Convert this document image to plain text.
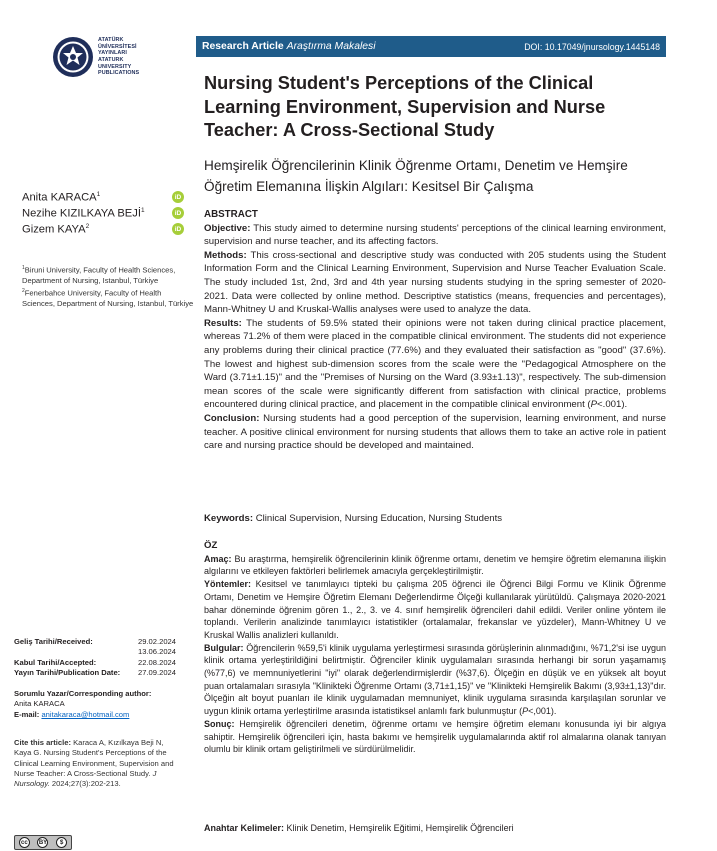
ATATÜRK
ÜNİVERSİTESİ
YAYINLARI
ATATURK
UNIVERSITY
PUBLICATIONS
Anita KARACA$^1$	iD
Nezihe KIZILKAYA BEJİ$^1$	iD
Gizem KAYA$^2$	iD
$^1$Biruni University, Faculty of Health Sciences, Department of Nursing, Istanbul, Türkiye
$^2$Fenerbahce University, Faculty of Health Sciences, Department of Nursing, Istanbul, Türkiye
Geliş Tarihi/Received:	29.02.2024
13.06.2024
Kabul Tarihi/Accepted:	22.08.2024
Yayın Tarihi/Publication Date: 27.09.2024
Sorumlu Yazar/Corresponding author:
Anita KARACA
E-mail: anitakaraca@hotmail.com
Cite this article: Karaca A, Kızılkaya Beji N, Kaya G. Nursing Student's Perceptions of the Clinical Learning Environment, Supervision and Nurse Teacher: A Cross-Sectional Study. J Nursology. 2024;27(3):202-213.
cc	BY	$
Research Article Araştırma Makalesi	DOI: 10.17049/jnursology.1445148
Nursing Student's Perceptions of the Clinical Learning Environment, Supervision and Nurse Teacher: A Cross-Sectional Study
Hemşirelik Öğrencilerinin Klinik Öğrenme Ortamı, Denetim ve Hemşire Öğretim Elemanına İlişkin Algıları: Kesitsel Bir Çalışma
ABSTRACT

Objective: This study aimed to determine nursing students' perceptions of the clinical learning environment, supervision and nurse teacher, and its affecting factors.

Methods: This cross-sectional and descriptive study was conducted with 205 students using the Student Information Form and the Clinical Learning Environment, Supervision and Nurse Teacher Evaluation Scale. The study included 1st, 2nd, 3rd and 4th year nursing students studying in the spring semester of 2020-2021. Data were collected by online method. Descriptive statistics (means, frequencies and percentages), Mann-Whitney U and Kruskal-Wallis analyses were used to analyze the data.

Results: The students of 59.5% stated their opinions were not taken during clinical practice placement, whereas 71.2% of them were placed in the compatible clinical environment. The students did not experience any problems during their clinical practice (77.6%) and they evaluated their satisfaction as "good" (37.6%). The lowest and highest sub-dimension scores from the scale were the "Pedagogical Atmosphere on the Ward (3.71±1.15)" and the "Premises of Nursing on the Ward (3.93±1.13)", respectively. The sub-dimension mean scores of the scale were significantly different from satisfaction with clinical practice, problems encountered during clinical practice, and placement in the compatible clinical environment (P<.001).

Conclusion: Nursing students had a good perception of the supervision, learning environment, and nurse teacher. A positive clinical environment for nursing students that allows them to take an active role in patient care and nursing practice should be developed and maintained.

Keywords: Clinical Supervision, Nursing Education, Nursing Students
ÖZ

Amaç: Bu araştırma, hemşirelik öğrencilerinin klinik öğrenme ortamı, denetim ve hemşire öğretim elemanına ilişkin algılarını ve etkileyen faktörleri belirlemek amacıyla gerçekleştirilmiştir.

Yöntemler: Kesitsel ve tanımlayıcı tipteki bu çalışma 205 öğrenci ile Öğrenci Bilgi Formu ve Klinik Öğrenme Ortamı, Denetim ve Hemşire Öğretim Elemanı Değerlendirme Ölçeği kullanılarak yürütüldü. Çalışmaya 2020-2021 bahar döneminde öğrenim gören 1., 2., 3. ve 4. sınıf hemşirelik öğrencileri dahil edildi. Veriler online yöntem ile toplandı. Verilerin analizinde tanımlayıcı istatistikler (ortalamalar, frekanslar ve yüzdeler), Mann-Whitney U ve Kruskal Wallis analizleri kullanıldı.

Bulgular: Öğrencilerin %59,5'i klinik uygulama yerleştirmesi sırasında görüşlerinin alınmadığını, %71,2'si ise uygun klinik ortama yerleştirildiğini belirtmiştir. Öğrenciler klinik uygulamaları sırasında herhangi bir sorun yaşamamış (%77,6) ve memnuniyetlerini "iyi" olarak değerlendirmişlerdir (%37,6). Ölçeğin en düşük ve en yüksek alt boyut puan ortalamaları sırasıyla "Klinikteki Öğrenme Ortamı (3,71±1,15)" ve "Klinikteki Hemşirelik Bakımı (3,93±1,13)"dır. Ölçeğin alt boyut puanları ile klinik uygulamadan memnuniyet, klinik uygulama sırasında karşılaşılan sorunlar ve uygun klinik ortama yerleştirilme arasında istatistiksel anlamlı fark bulunmuştur (P<,001).

Sonuç: Hemşirelik öğrencileri denetim, öğrenme ortamı ve hemşire öğretim elemanı konusunda iyi bir algıya sahiptir. Hemşirelik öğrencileri için, hasta bakımı ve hemşirelik uygulamalarında aktif rol almalarına olanak tanıyan olumlu bir klinik ortam geliştirilmeli ve sürdürülmelidir.

Anahtar Kelimeler: Klinik Denetim, Hemşirelik Eğitimi, Hemşirelik Öğrencileri
